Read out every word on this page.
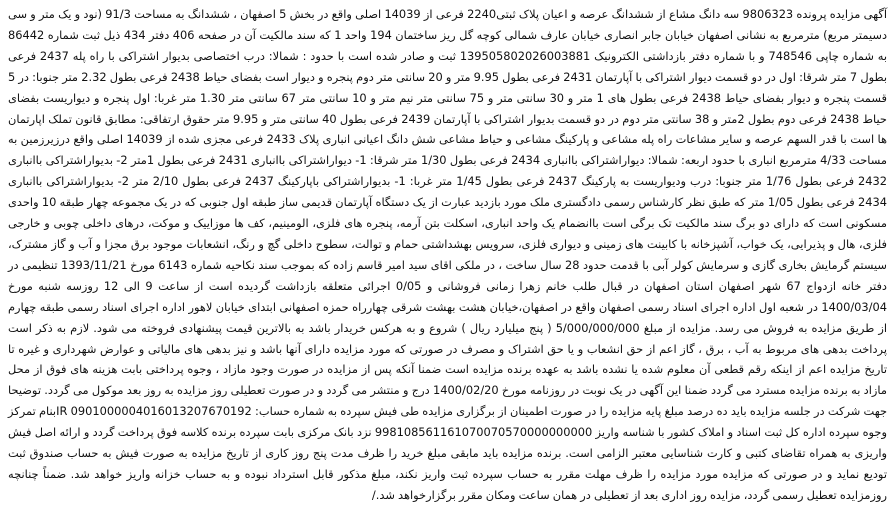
آگهی مزایده پرونده 9806323 سه دانگ مشاع از ششدانگ عرصه و اعیان پلاک ثبتی2240 فرعی از 14039 اصلی واقع در بخش 5 اصفهان ، ششدانگ به مساحت 91/3 (نود و یک متر و سی دسیمتر مربع) مترمربع به نشانی اصفهان خیابان جابر انصاری خیابان عارف شمالی کوچه گل ریز ساختمان 194 واحد 1 که سند مالکیت آن در صفحه 406 دفتر 434 ذیل ثبت شماره 86442 به شماره چاپی 748546 و با شماره دفتر بازداشتی الکترونیک 139505802026003881 ثبت و صادر شده است با حدود : شمالا: درب اختصاصی بدیوار اشتراکی با راه پله 2437 فرعی بطول 7 متر شرقا: اول در دو قسمت دیوار اشتراکی با آپارتمان 2431 فرعی بطول 9.95 متر و 20 سانتی متر دوم پنجره و دیوار است بفضای حیاط 2438 فرعی بطول 2.32 متر جنوبا: در 5 قسمت پنجره و دیوار بفضای حیاط 2438 فرعی بطول های 1 متر و 30 سانتی متر و 75 سانتی متر نیم متر و 10 سانتی متر 67 سانتی متر 1.30 متر غربا: اول پنجره و دیواریست بفضای حیاط 2438 فرعی دوم بطول 2متر و 38 سانتی متر دوم در دو قسمت بدیوار اشتراکی با آپارتمان 2439 فرعی بطول 40 سانتی متر و 9.95 متر حقوق ارتفاقی: مطابق قانون تملک اپارتمان ها است با قدر السهم عرصه و سایر مشاعات راه پله مشاعی و پارکینگ مشاعی و حیاط مشاعی شش دانگ اعیانی انباری پلاک 2433 فرعی مجزی شده از 14039 اصلی واقع درزیرزمین به مساحت 4/33 مترمربع انباری با حدود اربعه: شمالا: دیواراشتراکی باانباری 2434 فرعی بطول 1/30 متر شرقا: 1- دیواراشتراکی باانباری 2431 فرعی بطول 1متر 2- بدیواراشتراکی باانباری 2432 فرعی بطول 1/76 متر جنوبا: درب ودیواریست به پارکینگ 2437 فرعی بطول 1/45 متر غربا: 1- بدیواراشتراکی باپارکینگ 2437 فرعی بطول 2/10 متر 2- بدیواراشتراکی باانباری 2434 فرعی بطول 1/05 متر که طبق نظر کارشناس رسمی دادگستری ملک مورد بازدید عبارت از یک دستگاه آپارتمان قدیمی ساز طبقه اول جنوبی که در یک مجموعه چهار طبقه 10 واحدی مسکونی است که دارای دو برگ سند مالکیت تک برگی است باانضمام یک واحد انباری، اسکلت بتن آرمه، پنجره های فلزی، الومینیم، کف ها موزاییک و موکت، درهای داخلی چوبی و خارجی فلزی، هال و پذیرایی، یک خواب، آشپزخانه با کابینت های زمینی و دیواری فلزی، سرویس بهشداشتی حمام و توالت، سطوح داخلی گچ و رنگ، انشعابات موجود برق مجزا و آب و گاز مشترک، سیستم گرمایش بخاری گازی و سرمایش کولر آبی با قدمت حدود 28 سال ساخت ، در ملکی اقای سید امیر قاسم زاده که بموجب سند نکاحیه شماره 6143 مورخ 1393/11/21 تنظیمی در دفتر خانه ازدواج 67 شهر اصفهان استان اصفهان در قبال طلب خانم زهرا زمانی فروشانی و 0/05 اجرائی متعلقه بازداشت گردیده است از ساعت 9 الی 12 روزسه شنبه مورخ 1400/03/04 در شعبه اول اداره اجرای اسناد رسمی اصفهان واقع در اصفهان،خیابان هشت بهشت شرقی چهارراه حمزه اصفهانی ابتدای خیابان لاهور اداره اجرای اسناد رسمی طبقه چهارم از طریق مزایده به فروش می رسد. مزایده از مبلغ 5/000/000/000 ( پنج میلیارد ریال ) شروع و به هرکس خریدار باشد به بالاترین قیمت پیشنهادی فروخته می شود. لازم به ذکر است پرداخت بدهی های مربوط به آب ، برق ، گاز اعم از حق انشعاب و یا حق اشتراک و مصرف در صورتی که مورد مزایده دارای آنها باشد و نیز بدهی های مالیاتی و عوارض شهرداری و غیره تا تاریخ مزایده اعم از اینکه رقم قطعی آن معلوم شده یا نشده باشد به عهده برنده مزایده است ضمنا آنکه پس از مزایده در صورت وجود مازاد ، وجوه پرداختی بابت هزینه های فوق از محل مازاد به برنده مزایده مسترد می گردد ضمنا این آگهی در یک نوبت در روزنامه مورخ 1400/02/20 درج و منتشر می گردد و در صورت تعطیلی روز مزایده به روز بعد موکول می گردد. توضیحا جهت شرکت در جلسه مزایده باید ده درصد مبلغ پایه مزایده را در صورت اطمینان از برگزاری مزایده طی فیش سپرده به شماره حساب: 0901000004016013207670192 IRبنام تمرکز وجوه سپرده اداره کل ثبت اسناد و املاک کشور با شناسه واریز 998108561161070070570000000000 نزد بانک مرکزی بابت سپرده برنده کلاسه فوق پرداخت گردد و ارائه اصل فیش واریزی به همراه تقاضای کتبی و کارت شناسایی معتبر الزامی است. برنده مزایده باید مابقی مبلغ خرید را ظرف مدت پنج روز کاری از تاریخ مزایده به صورت فیش به حساب صندوق ثبت تودیع نماید و در صورتی که مزایده مورد مزایده را ظرف مهلت مقرر به حساب سپرده ثبت واریز نکند، مبلغ مذکور قابل استرداد نبوده و به حساب خزانه واریز خواهد شد. ضمناً چنانچه روزمزایده تعطیل رسمی گردد، مزایده روز اداری بعد از تعطیلی در همان ساعت ومکان مقرر برگزارخواهد شد./
